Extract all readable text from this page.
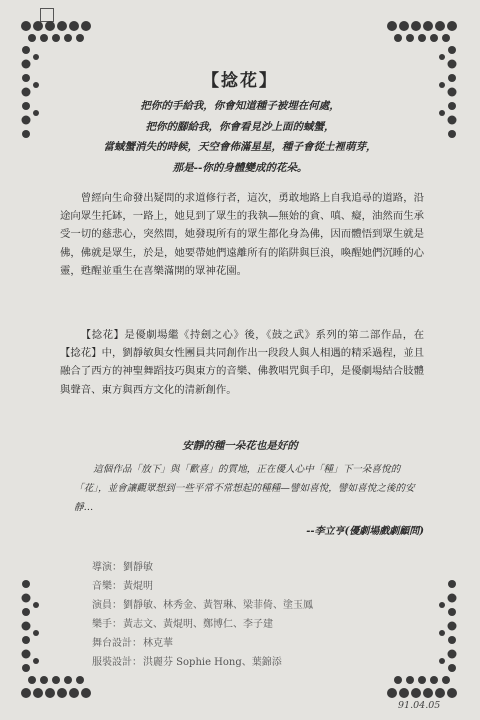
【捻花】
把你的手給我，你會知道種子被埋在何處，
把你的腳給我，你會看見沙上面的蜮蟹，
當蜮蟹消失的時候，天空會佈滿星星，種子會從土裡萌芽，
那是--你的身體變成的花朵。

曾經向生命發出疑問的求道修行者，這次，勇敢地路上自我追尋的道路，沿途向眾生托缽，一路上，她見到了眾生的我執—無始的貪、嗔、癡，油然而生承受一切的慈悲心，突然間，她發現所有的眾生都化身為佛，因而體悟到眾生就是佛，佛就是眾生，於是，她要帶她們遠離所有的陷阱與巨浪，喚醒她們沉睡的心靈，甦醒並重生在喜樂滿開的眾神花園。

【捻花】是優劇場繼《持劍之心》後，《鼓之武》系列的第二部作品，在【捻花】中，劉靜敏與女性團員共同創作出一段段人與人相遇的精采過程，並且融合了西方的神聖舞蹈技巧與東方的音樂、佛教唱咒與手印，是優劇場結合肢體與聲音、東方與西方文化的清新創作。

安靜的種一朵花也是好的

這個作品「放下」與「歡喜」的質地，正在優人心中「種」下一朵喜悅的「花」，並會讓觀眾想到一些平常不常想起的種種—譬如喜悅，譬如喜悅之後的安靜…

--李立亨(優劇場戲劇顧問)
導演：劉靜敏
音樂：黃焜明
演員：劉靜敏、林秀金、黃智琳、梁菲倚、塗玉鳳
樂手：黃志文、黃焜明、鄭博仁、李子建
舞台設計：林克華
服裝設計：洪麗芬 Sophie Hong、葉錦添
91.04.05
